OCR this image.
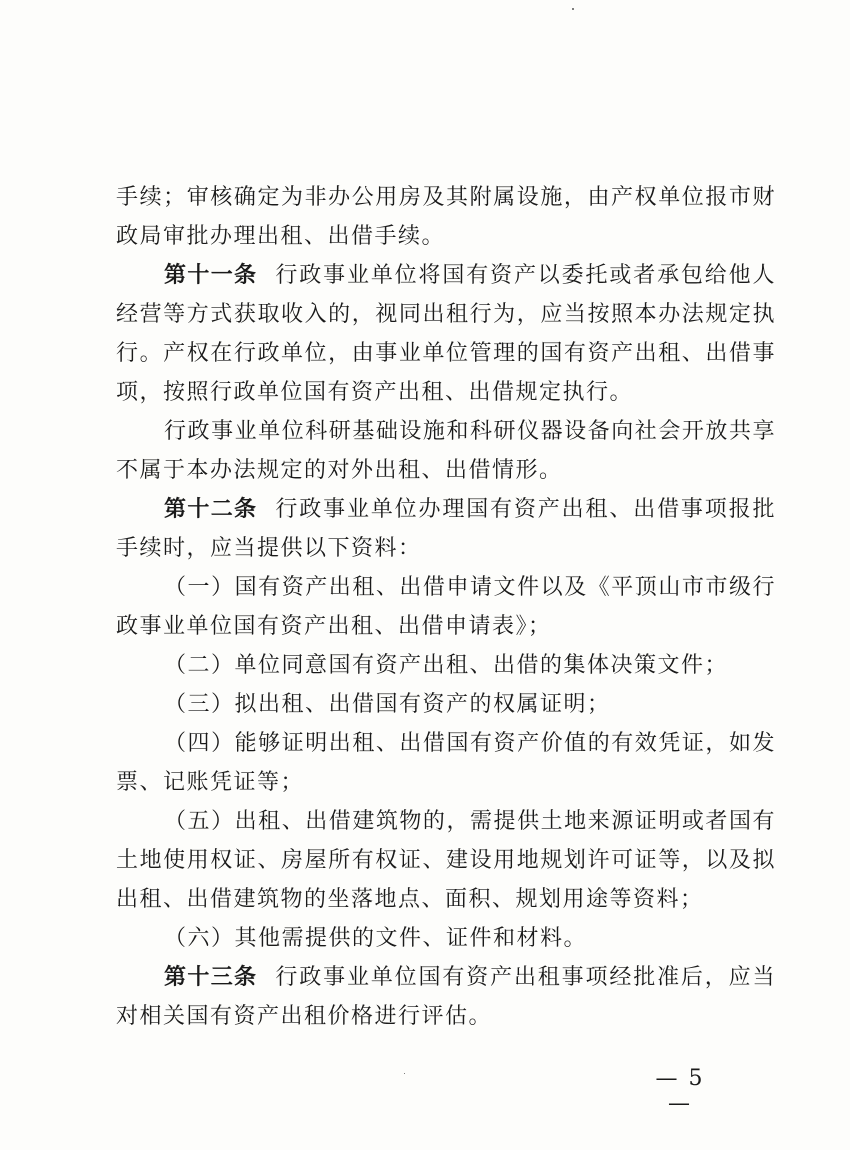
手续；审核确定为非办公用房及其附属设施，由产权单位报市财政局审批办理出租、出借手续。

第十一条 行政事业单位将国有资产以委托或者承包给他人经营等方式获取收入的，视同出租行为，应当按照本办法规定执行。产权在行政单位，由事业单位管理的国有资产出租、出借事项，按照行政单位国有资产出租、出借规定执行。

行政事业单位科研基础设施和科研仪器设备向社会开放共享不属于本办法规定的对外出租、出借情形。

第十二条 行政事业单位办理国有资产出租、出借事项报批手续时，应当提供以下资料：

（一）国有资产出租、出借申请文件以及《平顶山市市级行政事业单位国有资产出租、出借申请表》；

（二）单位同意国有资产出租、出借的集体决策文件；

（三）拟出租、出借国有资产的权属证明；

（四）能够证明出租、出借国有资产价值的有效凭证，如发票、记账凭证等；

（五）出租、出借建筑物的，需提供土地来源证明或者国有土地使用权证、房屋所有权证、建设用地规划许可证等，以及拟出租、出借建筑物的坐落地点、面积、规划用途等资料；

（六）其他需提供的文件、证件和材料。

第十三条 行政事业单位国有资产出租事项经批准后，应当对相关国有资产出租价格进行评估。

— 5 —
